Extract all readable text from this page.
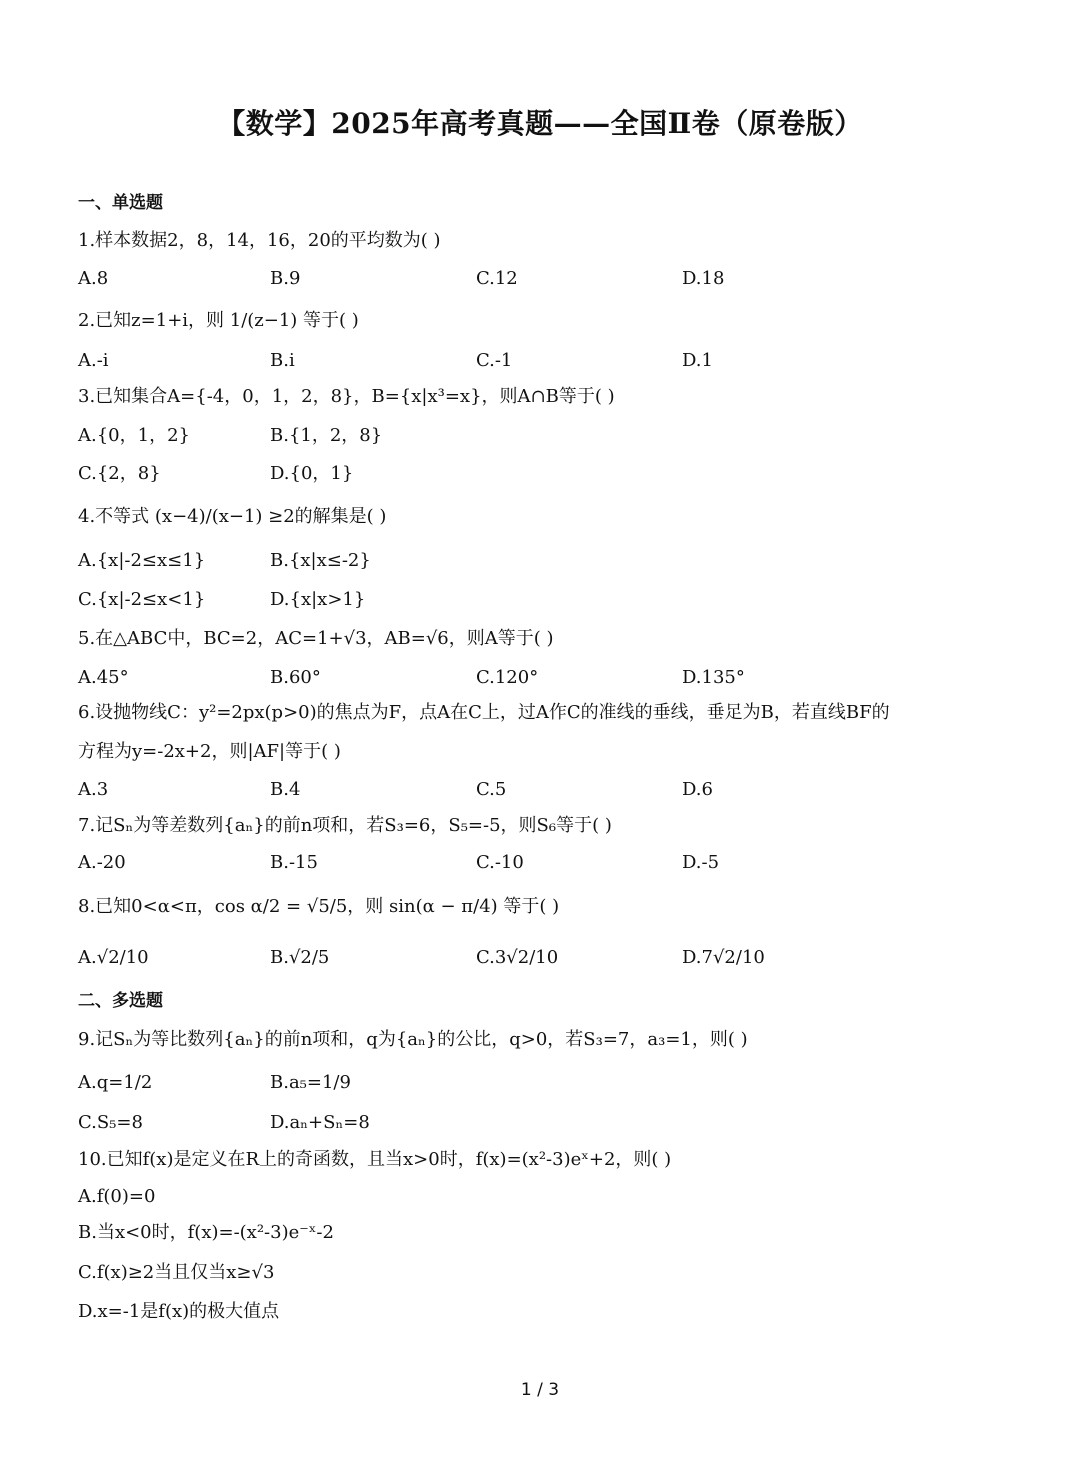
【数学】2025年高考真题——全国Ⅱ卷（原卷版）
一、单选题
1.样本数据2，8，14，16，20的平均数为( )
A.8	B.9	C.12	D.18
2.已知z=1+i，则 1/(z−1) 等于( )
A.-i	B.i	C.-1	D.1
3.已知集合A={-4，0，1，2，8}，B={x|x³=x}，则A∩B等于( )
A.{0，1，2}	B.{1，2，8}
C.{2，8}	D.{0，1}
4.不等式 (x−4)/(x−1) ≥2的解集是( )
A.{x|-2≤x≤1}	B.{x|x≤-2}
C.{x|-2≤x<1}	D.{x|x>1}
5.在△ABC中，BC=2，AC=1+√3，AB=√6，则A等于( )
A.45°	B.60°	C.120°	D.135°
6.设抛物线C：y²=2px(p>0)的焦点为F，点A在C上，过A作C的准线的垂线，垂足为B，若直线BF的
方程为y=-2x+2，则|AF|等于( )
A.3	B.4	C.5	D.6
7.记Sₙ为等差数列{aₙ}的前n项和，若S₃=6，S₅=-5，则S₆等于( )
A.-20	B.-15	C.-10	D.-5
8.已知0<α<π，cos α/2 = √5/5，则 sin(α − π/4) 等于( )
A.√2/10	B.√2/5	C.3√2/10	D.7√2/10
二、多选题
9.记Sₙ为等比数列{aₙ}的前n项和，q为{aₙ}的公比，q>0，若S₃=7，a₃=1，则( )
A.q=1/2	B.a₅=1/9
C.S₅=8	D.aₙ+Sₙ=8
10.已知f(x)是定义在R上的奇函数，且当x>0时，f(x)=(x²-3)eˣ+2，则( )
A.f(0)=0
B.当x<0时，f(x)=-(x²-3)e⁻ˣ-2
C.f(x)≥2当且仅当x≥√3
D.x=-1是f(x)的极大值点
1 / 3
